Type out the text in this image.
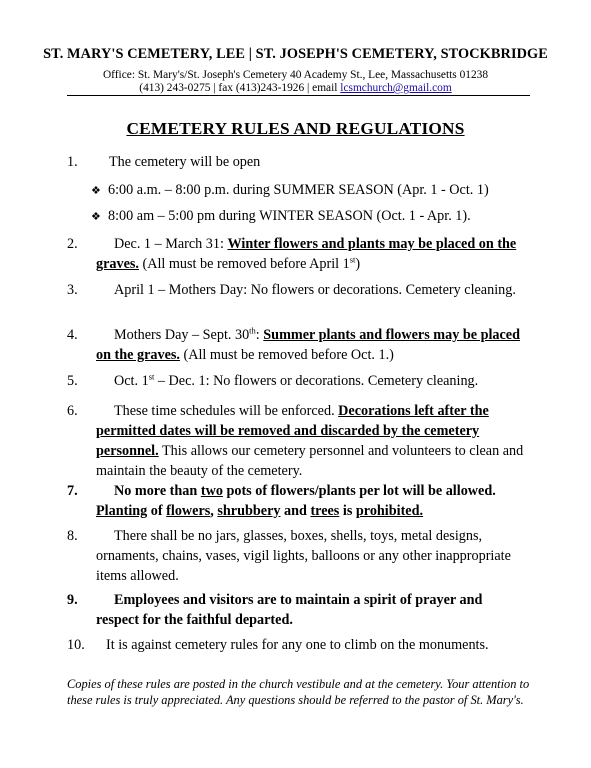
ST. MARY'S CEMETERY, LEE | ST. JOSEPH'S CEMETERY, STOCKBRIDGE
Office: St. Mary's/St. Joseph's Cemetery 40 Academy St., Lee, Massachusetts 01238
(413) 243-0275 | fax (413)243-1926 | email lcsmchurch@gmail.com
CEMETERY RULES AND REGULATIONS
1. The cemetery will be open
❖ 6:00 a.m. – 8:00 p.m. during SUMMER SEASON (Apr. 1 - Oct. 1)
❖ 8:00 am – 5:00 pm during WINTER SEASON (Oct. 1 - Apr. 1).
2.	Dec. 1 – March 31: Winter flowers and plants may be placed on the graves. (All must be removed before April 1st)
3.	April 1 – Mothers Day: No flowers or decorations. Cemetery cleaning.
4.	Mothers Day – Sept. 30th: Summer plants and flowers may be placed on the graves. (All must be removed before Oct. 1.)
5.	Oct. 1st – Dec. 1: No flowers or decorations. Cemetery cleaning.
6.	These time schedules will be enforced. Decorations left after the permitted dates will be removed and discarded by the cemetery personnel. This allows our cemetery personnel and volunteers to clean and maintain the beauty of the cemetery.
7.	No more than two pots of flowers/plants per lot will be allowed.
Planting of flowers, shrubbery and trees is prohibited.
8.	There shall be no jars, glasses, boxes, shells, toys, metal designs, ornaments, chains, vases, vigil lights, balloons or any other inappropriate items allowed.
9.	Employees and visitors are to maintain a spirit of prayer and respect for the faithful departed.
10. It is against cemetery rules for any one to climb on the monuments.
Copies of these rules are posted in the church vestibule and at the cemetery. Your attention to these rules is truly appreciated. Any questions should be referred to the pastor of St. Mary's.
